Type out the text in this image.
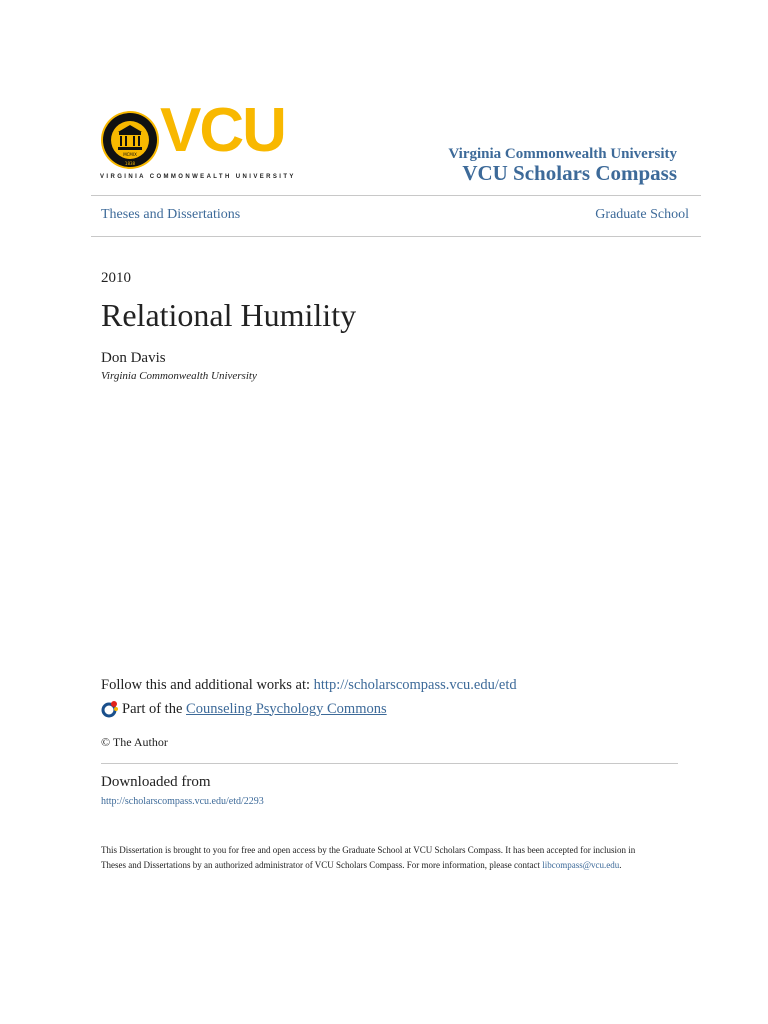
MCMIX
1838 VCU
VIRGINIA COMMONWEALTH UNIVERSITY
Virginia Commonwealth University
VCU Scholars Compass
Theses and Dissertations	Graduate School
2010
Relational Humility
Don Davis
Virginia Commonwealth University
Follow this and additional works at: http://scholarscompass.vcu.edu/etd
Part of the
Counseling Psychology Commons
© The Author
Downloaded from
http://scholarscompass.vcu.edu/etd/2293
This Dissertation is brought to you for free and open access by the Graduate School at VCU Scholars Compass. It has been accepted for inclusion in Theses and Dissertations by an authorized administrator of VCU Scholars Compass. For more information, please contact libcompass@vcu.edu.
